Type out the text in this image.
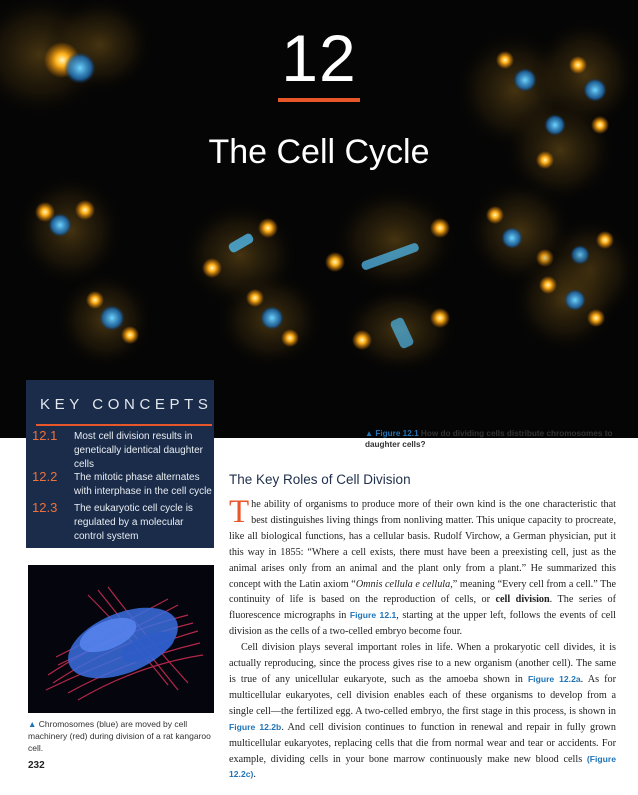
12
The Cell Cycle
KEY CONCEPTS
12.1 Most cell division results in genetically identical daughter cells
12.2 The mitotic phase alternates with interphase in the cell cycle
12.3 The eukaryotic cell cycle is regulated by a molecular control system
▲ Chromosomes (blue) are moved by cell machinery (red) during division of a rat kangaroo cell.
232
▲ Figure 12.1 How do dividing cells distribute chromosomes to daughter cells?
The Key Roles of Cell Division

The ability of organisms to produce more of their own kind is the one characteristic that best distinguishes living things from nonliving matter. This unique capacity to procreate, like all biological functions, has a cellular basis. Rudolf Virchow, a German physician, put it this way in 1855: “Where a cell exists, there must have been a preexisting cell, just as the animal arises only from an animal and the plant only from a plant.” He summarized this concept with the Latin axiom “Omnis cellula e cellula,” meaning “Every cell from a cell.” The continuity of life is based on the reproduction of cells, or cell division. The series of fluorescence micrographs in Figure 12.1, starting at the upper left, follows the events of cell division as the cells of a two-celled embryo become four.

Cell division plays several important roles in life. When a prokaryotic cell divides, it is actually reproducing, since the process gives rise to a new organism (another cell). The same is true of any unicellular eukaryote, such as the amoeba shown in Figure 12.2a. As for multicellular eukaryotes, cell division enables each of these organisms to develop from a single cell—the fertilized egg. A two-celled embryo, the first stage in this process, is shown in Figure 12.2b. And cell division continues to function in renewal and repair in fully grown multicellular eukaryotes, replacing cells that die from normal wear and tear or accidents. For example, dividing cells in your bone marrow continuously make new blood cells (Figure 12.2c).
